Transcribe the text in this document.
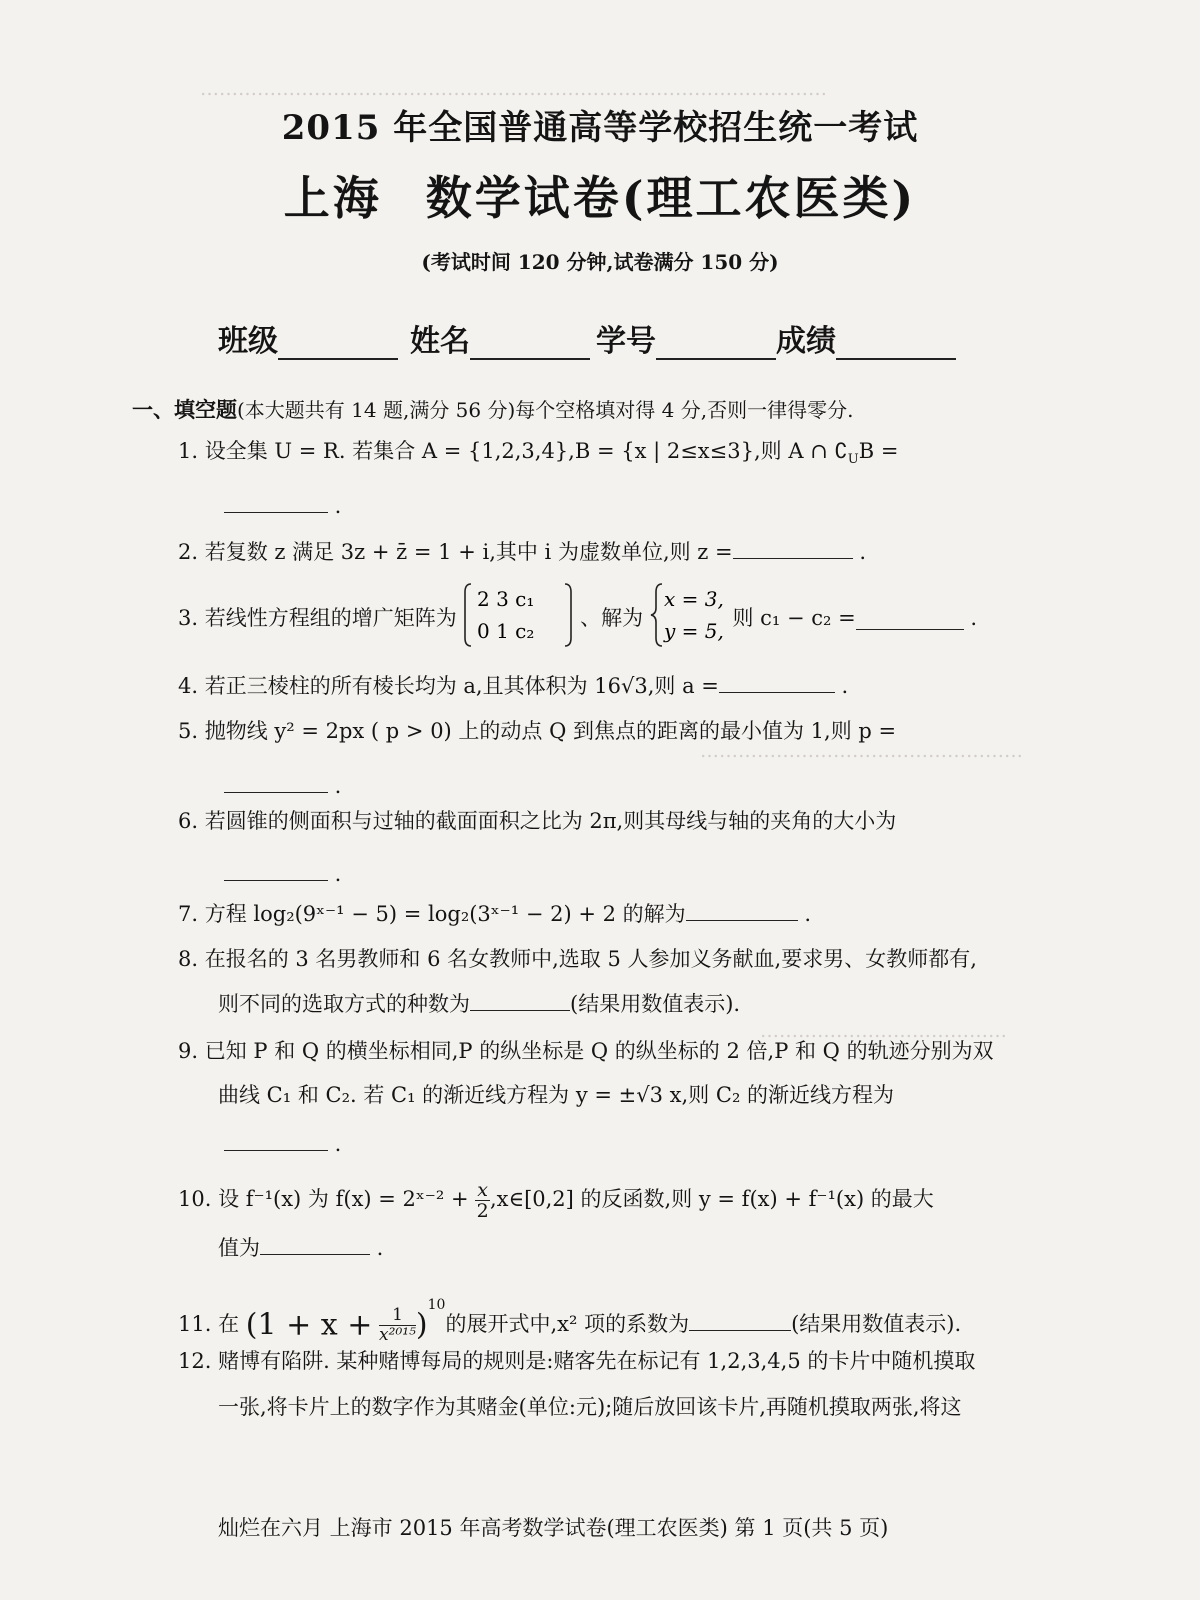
………………………………………………………………………………………
……………………………………………
…………………………………
2015 年全国普通高等学校招生统一考试
上海 数学试卷(理工农医类)
(考试时间 120 分钟,试卷满分 150 分)
班级	姓名	学号	成绩
一、填空题(本大题共有 14 题,满分 56 分)每个空格填对得 4 分,否则一律得零分.
1. 设全集 U = R. 若集合 A = {1,2,3,4},B = {x | 2≤x≤3},则 A ∩ $∁_UB$ =
.
2. 若复数 z 满足 3z + z̄ = 1 + i,其中 i 为虚数单位,则 z =	.
3. 若线性方程组的增广矩阵为
2 3 c₁
0 1 c₂
、解为
x = 3,
y = 5,
则 c₁ − c₂ =	.
4. 若正三棱柱的所有棱长均为 a,且其体积为 16√3,则 a =	.
5. 抛物线 y² = 2px ( p > 0) 上的动点 Q 到焦点的距离的最小值为 1,则 p =
.
6. 若圆锥的侧面积与过轴的截面面积之比为 2π,则其母线与轴的夹角的大小为
.
7. 方程 log₂(9ˣ⁻¹ − 5) = log₂(3ˣ⁻¹ − 2) + 2 的解为	.
8. 在报名的 3 名男教师和 6 名女教师中,选取 5 人参加义务献血,要求男、女教师都有,
则不同的选取方式的种数为	(结果用数值表示).
9. 已知 P 和 Q 的横坐标相同,P 的纵坐标是 Q 的纵坐标的 2 倍,P 和 Q 的轨迹分别为双
曲线 C₁ 和 C₂. 若 C₁ 的渐近线方程为 y = ±√3 x,则 C₂ 的渐近线方程为
.
10. 设 f⁻¹(x) 为 f(x) = 2ˣ⁻² + $\frac{x}{2}$ ,x∈[0,2] 的反函数,则 y = f(x) + f⁻¹(x) 的最大
值为	.
11. 在 $(1 + x + \frac{1}{\text{x²⁰¹⁵}} )^{10}$的展开式中,x² 项的系数为	(结果用数值表示).
12. 赌博有陷阱. 某种赌博每局的规则是:赌客先在标记有 1,2,3,4,5 的卡片中随机摸取
一张,将卡片上的数字作为其赌金(单位:元);随后放回该卡片,再随机摸取两张,将这
灿烂在六月 上海市 2015 年高考数学试卷(理工农医类) 第 1 页(共 5 页)
